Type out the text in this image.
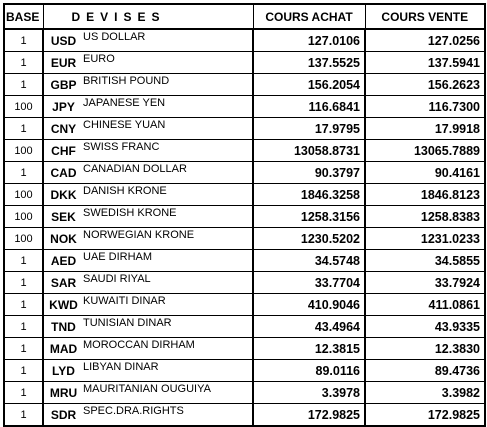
BASE	DEVISES		COURS ACHAT	COURS VENTE
1	USD	US DOLLAR	127.0106	127.0256
1	EUR	EURO	137.5525	137.5941
1	GBP	BRITISH POUND	156.2054	156.2623
100	JPY	JAPANESE YEN	116.6841	116.7300
1	CNY	CHINESE YUAN	17.9795	17.9918
100	CHF	SWISS FRANC	13058.8731	13065.7889
1	CAD	CANADIAN DOLLAR	90.3797	90.4161
100	DKK	DANISH KRONE	1846.3258	1846.8123
100	SEK	SWEDISH KRONE	1258.3156	1258.8383
100	NOK	NORWEGIAN KRONE	1230.5202	1231.0233
1	AED	UAE DIRHAM	34.5748	34.5855
1	SAR	SAUDI RIYAL	33.7704	33.7924
1	KWD	KUWAITI DINAR	410.9046	411.0861
1	TND	TUNISIAN DINAR	43.4964	43.9335
1	MAD	MOROCCAN DIRHAM	12.3815	12.3830
1	LYD	LIBYAN DINAR	89.0116	89.4736
1	MRU	MAURITANIAN OUGUIYA	3.3978	3.3982
1	SDR	SPEC.DRA.RIGHTS	172.9825	172.9825
